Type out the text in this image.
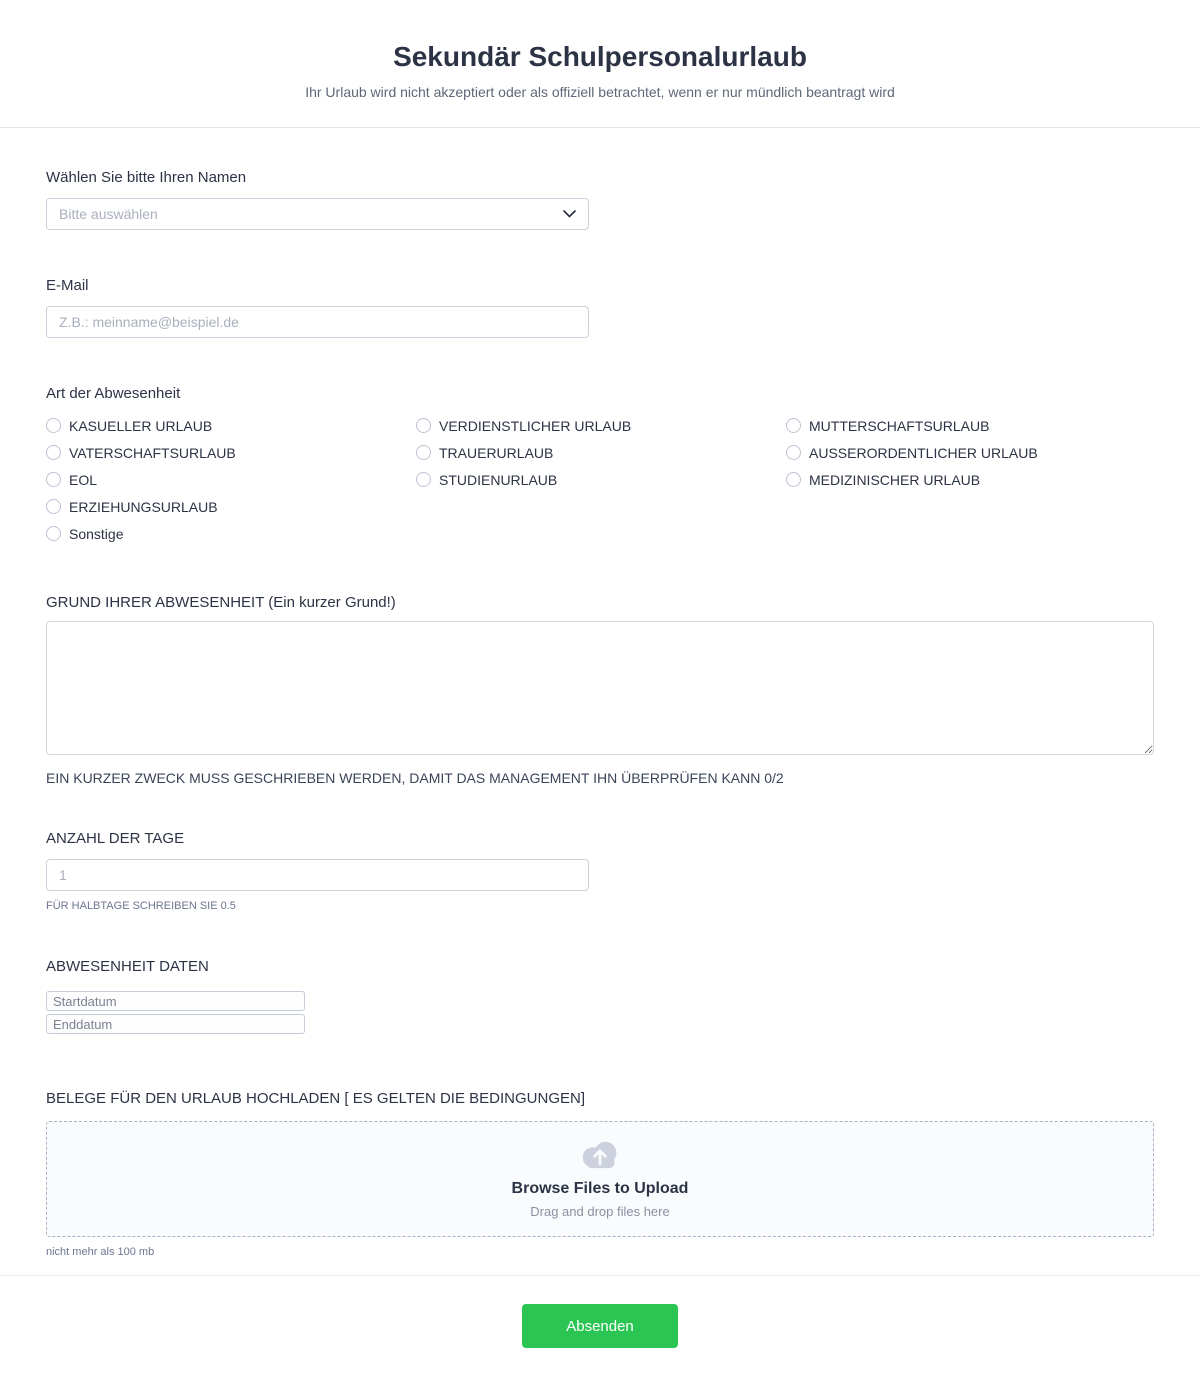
Sekundär Schulpersonalurlaub
Ihr Urlaub wird nicht akzeptiert oder als offiziell betrachtet, wenn er nur mündlich beantragt wird
Wählen Sie bitte Ihren Namen
Bitte auswählen
E-Mail
Z.B.: meinname@beispiel.de
Art der Abwesenheit
KASUELLER URLAUB
VATERSCHAFTSURLAUB
EOL
ERZIEHUNGSURLAUB
Sonstige
VERDIENSTLICHER URLAUB
TRAUERURLAUB
STUDIENURLAUB
MUTTERSCHAFTSURLAUB
AUSSERORDENTLICHER URLAUB
MEDIZINISCHER URLAUB
GRUND IHRER ABWESENHEIT (Ein kurzer Grund!)
EIN KURZER ZWECK MUSS GESCHRIEBEN WERDEN, DAMIT DAS MANAGEMENT IHN ÜBERPRÜFEN KANN 0/2
ANZAHL DER TAGE
1
FÜR HALBTAGE SCHREIBEN SIE 0.5
ABWESENHEIT DATEN
Startdatum
Enddatum
BELEGE FÜR DEN URLAUB HOCHLADEN [ ES GELTEN DIE BEDINGUNGEN]
Browse Files to Upload
Drag and drop files here
nicht mehr als 100 mb
Absenden
